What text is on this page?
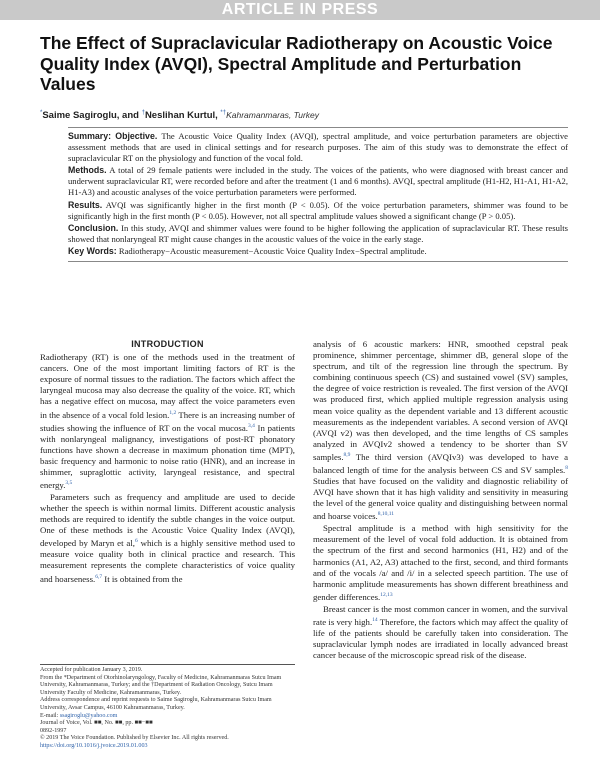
ARTICLE IN PRESS
The Effect of Supraclavicular Radiotherapy on Acoustic Voice Quality Index (AVQI), Spectral Amplitude and Perturbation Values
*Saime Sagiroglu, and †Neslihan Kurtul, *†Kahramanmaras, Turkey

Summary: Objective. The Acoustic Voice Quality Index (AVQI), spectral amplitude, and voice perturbation parameters are objective assessment methods that are used in clinical settings and for research purposes. The aim of this study was to demonstrate the effect of supraclavicular RT on the physiology and function of the vocal fold.

Methods. A total of 29 female patients were included in the study. The voices of the patients, who were diagnosed with breast cancer and underwent supraclavicular RT, were recorded before and after the treatment (1 and 6 months). AVQI, spectral amplitude (H1-H2, H1-A1, H1-A2, H1-A3) and acoustic analyses of the voice perturbation parameters were performed.

Results. AVQI was significantly higher in the first month (P < 0.05). Of the voice perturbation parameters, shimmer was found to be significantly high in the first month (P < 0.05). However, not all spectral amplitude values showed a significant change (P > 0.05).

Conclusion. In this study, AVQI and shimmer values were found to be higher following the application of supraclavicular RT. These results showed that nonlaryngeal RT might cause changes in the acoustic values of the voice in the early stage.

Key Words: Radiotherapy−Acoustic measurement−Acoustic Voice Quality Index−Spectral amplitude.

INTRODUCTION

Radiotherapy (RT) is one of the methods used in the treatment of cancers. One of the most important limiting factors of RT is the exposure of normal tissues to the radiation. The factors which affect the laryngeal mucosa may also decrease the quality of the voice. RT, which has a negative effect on mucosa, may affect the voice parameters even in the absence of a vocal fold lesion.$^{1,2}$ There is an increasing number of studies showing the influence of RT on the vocal mucosa.$^{3,4}$ In patients with nonlaryngeal malignancy, investigations of post-RT phonatory functions have shown a decrease in maximum phonation time (MPT), basic frequency and harmonic to noise ratio (HNR), and an increase in shimmer, supraglottic activity, laryngeal resistance, and spectral energy.$^{3,5}$

Parameters such as frequency and amplitude are used to decide whether the speech is within normal limits. Different acoustic analysis methods are required to identify the subtle changes in the voice output. One of these methods is the Acoustic Voice Quality Index (AVQI), developed by Maryn et al,$^6$ which is a highly sensitive method used to measure voice quality both in clinical practice and research. This measurement represents the complete characteristics of voice quality and hoarseness.$^{6,7}$ It is obtained from the

Accepted for publication January 3, 2019.

From the *Department of Otorhinolaryngology, Faculty of Medicine, Kahramanmaras Sutcu Imam University, Kahramanmaras, Turkey; and the †Department of Radiation Oncology, Sutcu Imam University Faculty of Medicine, Kahramanmaras, Turkey.

Address correspondence and reprint requests to Saime Sagiroglu, Kahramanmaras Sutcu Imam University, Avsar Campus, 46100 Kahramanmaras, Turkey.

E-mail: ssagiroglu@yahoo.com

Journal of Voice, Vol. ■■, No. ■■, pp. ■■−■■

0892-1997

© 2019 The Voice Foundation. Published by Elsevier Inc. All rights reserved.

https://doi.org/10.1016/j.jvoice.2019.01.003

analysis of 6 acoustic markers: HNR, smoothed cepstral peak prominence, shimmer percentage, shimmer dB, general slope of the spectrum, and tilt of the regression line through the spectrum. By combining continuous speech (CS) and sustained vowel (SV) samples, the degree of voice restriction is revealed. The first version of the AVQI was produced first, which applied multiple regression analysis using mean voice quality as the dependent variable and 13 different acoustic measurements as the independent variables. A second version of AVQI (AVQI v2) was then developed, and the time lengths of CS samples analyzed in AVQIv2 showed a tendency to be shorter than SV samples.$^{8,9}$ The third version (AVQIv3) was developed to have a balanced length of time for the analysis between CS and SV samples.$^8$ Studies that have focused on the validity and diagnostic reliability of AVQI have shown that it has high validity and sensitivity in measuring the level of the general voice quality and distinguishing between normal and hoarse voices.$^{8,10,11}$

Spectral amplitude is a method with high sensitivity for the measurement of the level of vocal fold adduction. It is obtained from the spectrum of the first and second harmonics (H1, H2) and of the harmonics (A1, A2, A3) attached to the first, second, and third formants and of the vocals /a/ and /i/ in a selected speech partition. The use of harmonic amplitude measurements has shown different breathiness and gender differences.$^{12,13}$

Breast cancer is the most common cancer in women, and the survival rate is very high.$^{14}$ Therefore, the factors which may affect the quality of life of the patients should be carefully taken into consideration. The supraclavicular lymph nodes are irradiated in locally advanced breast cancer because of the microscopic spread risk of the disease.
